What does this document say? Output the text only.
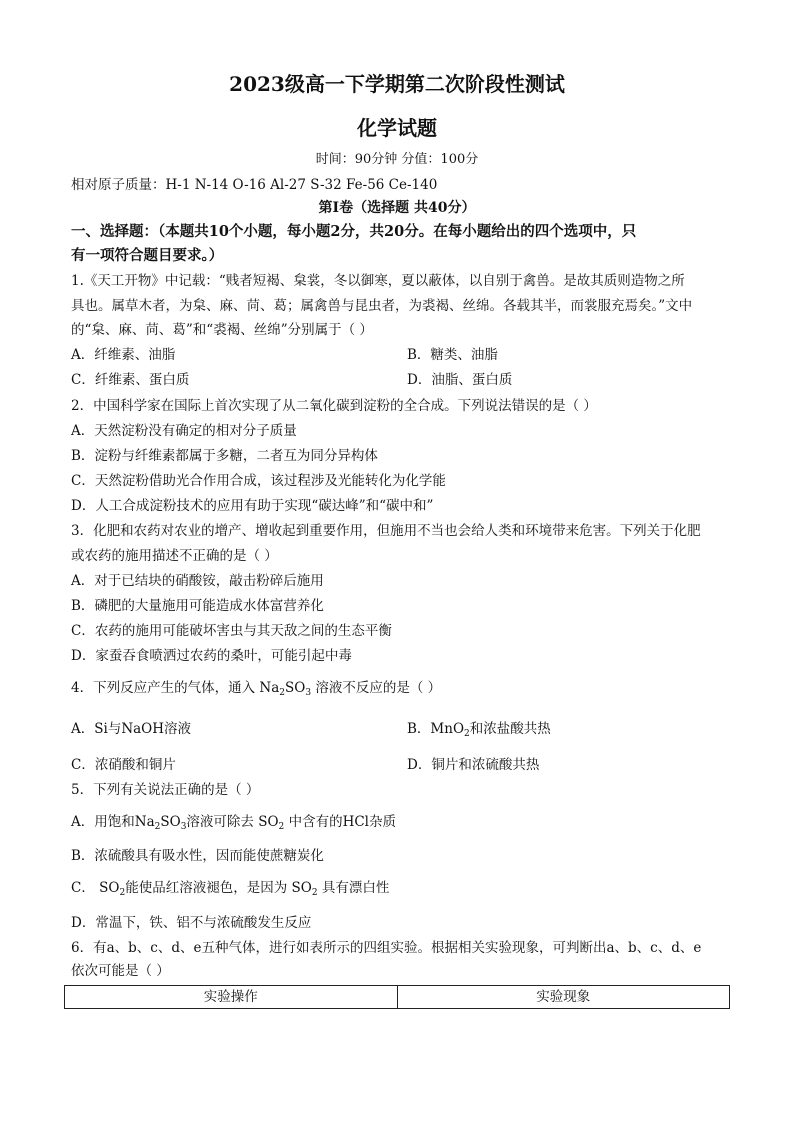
2023级高一下学期第二次阶段性测试
化学试题
时间：90分钟 分值：100分
相对原子质量：H-1 N-14 O-16 Al-27 S-32 Fe-56 Ce-140
第Ⅰ卷（选择题 共40分）
一、选择题：（本题共10个小题，每小题2分，共20分。在每小题给出的四个选项中，只
有一项符合题目要求。）
1.《天工开物》中记载：“贱者短褐、枲裳，冬以御寒，夏以蔽体，以自别于禽兽。是故其质则造物之所
具也。属草木者，为枲、麻、苘、葛；属禽兽与昆虫者，为裘褐、丝绵。各载其半，而裳服充焉矣。”文中
的“枲、麻、苘、葛”和“裘褐、丝绵”分别属于（ ）
A．纤维素、油脂	B．糖类、油脂
C．纤维素、蛋白质	D．油脂、蛋白质
2．中国科学家在国际上首次实现了从二氧化碳到淀粉的全合成。下列说法错误的是（ ）
A．天然淀粉没有确定的相对分子质量
B．淀粉与纤维素都属于多糖，二者互为同分异构体
C．天然淀粉借助光合作用合成，该过程涉及光能转化为化学能
D．人工合成淀粉技术的应用有助于实现“碳达峰”和“碳中和”
3．化肥和农药对农业的增产、增收起到重要作用，但施用不当也会给人类和环境带来危害。下列关于化肥
或农药的施用描述不正确的是（ ）
A．对于已结块的硝酸铵，敲击粉碎后施用
B．磷肥的大量施用可能造成水体富营养化
C．农药的施用可能破坏害虫与其天敌之间的生态平衡
D．家蚕吞食喷洒过农药的桑叶，可能引起中毒
4．下列反应产生的气体，通入 $Na_2SO_3$ 溶液不反应的是（ ）
A．Si与NaOH溶液	B．MnO$_2$和浓盐酸共热
C．浓硝酸和铜片	D．铜片和浓硫酸共热
5．下列有关说法正确的是（ ）
A．用饱和$Na_2SO_3$溶液可除去 $SO_2$ 中含有的HCl杂质
B．浓硫酸具有吸水性，因而能使蔗糖炭化
C． $SO_2$能使品红溶液褪色，是因为 $SO_2$ 具有漂白性
D．常温下，铁、铝不与浓硫酸发生反应
6．有a、b、c、d、e五种气体，进行如表所示的四组实验。根据相关实验现象，可判断出a、b、c、d、e
依次可能是（ ）
实验操作	实验现象
